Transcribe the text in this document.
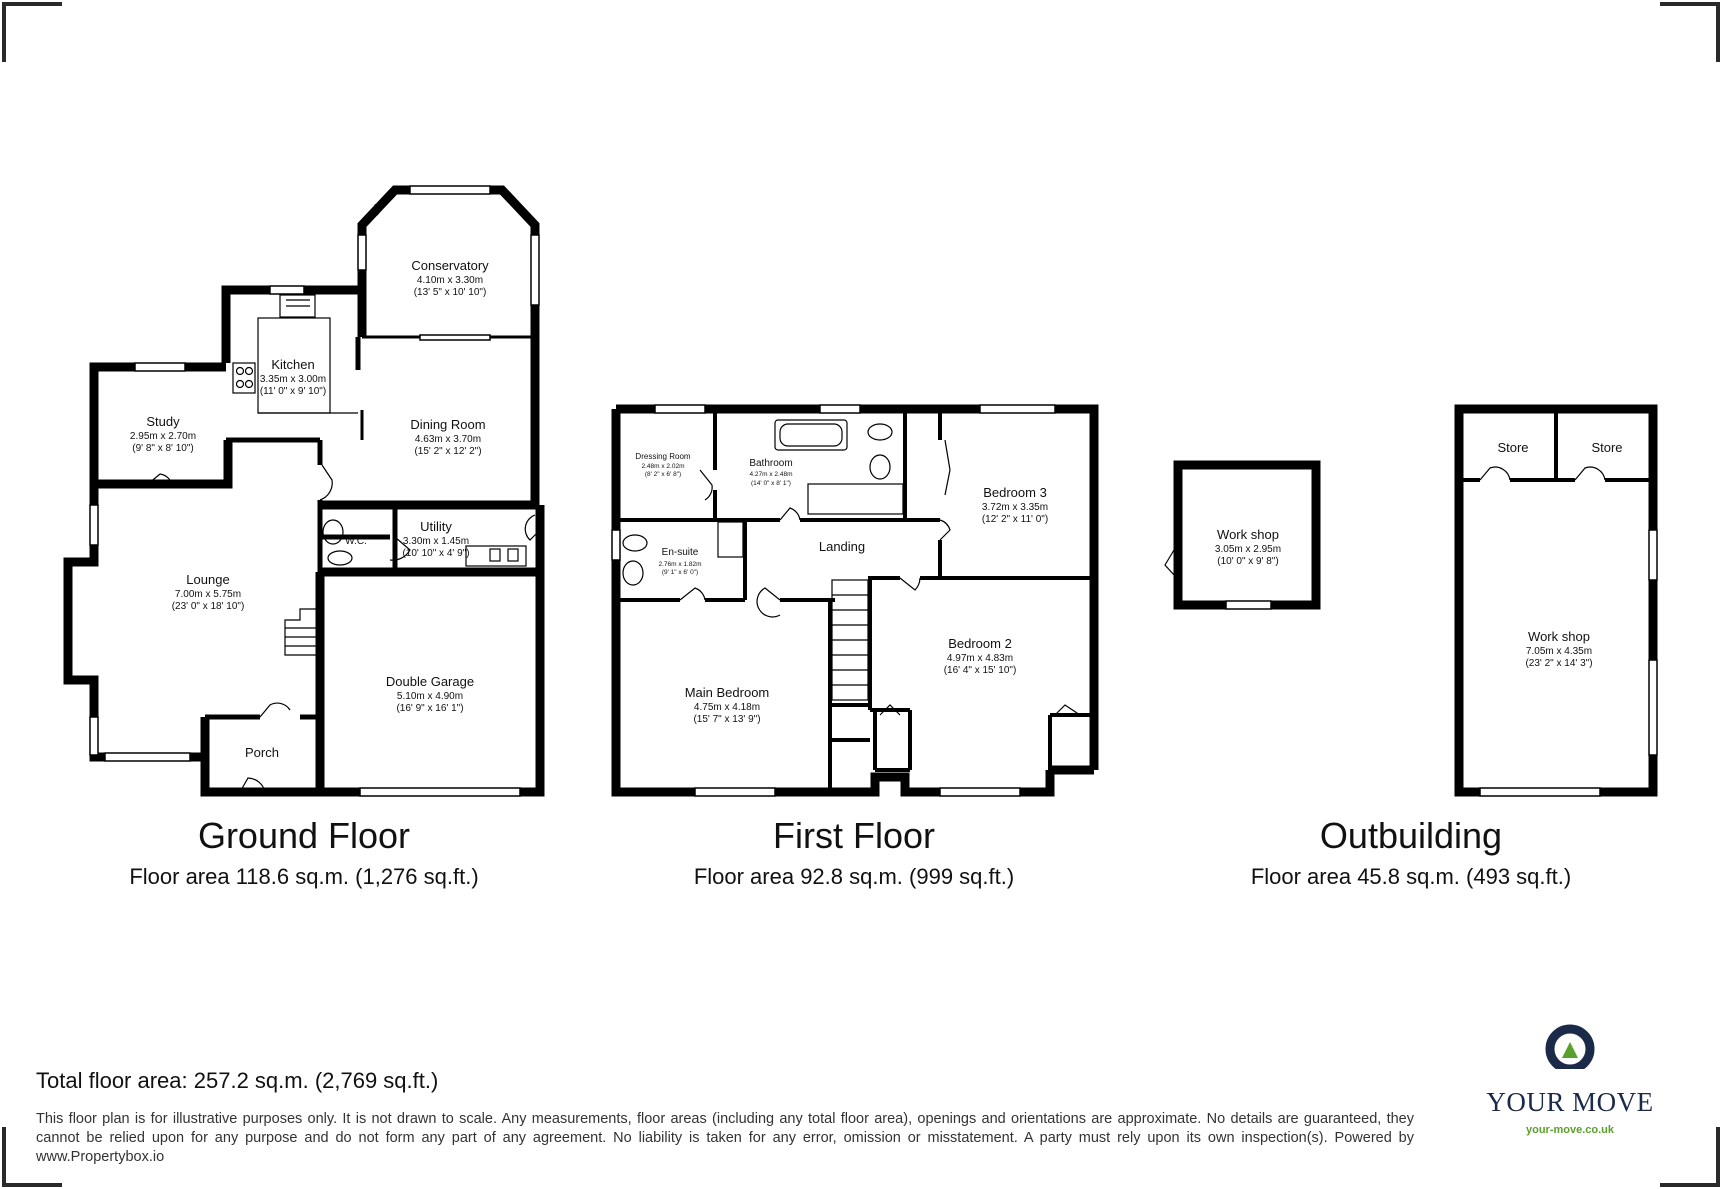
Conservatory
4.10m x 3.30m
(13' 5" x 10' 10")
Kitchen
3.35m x 3.00m
(11' 0" x 9' 10")
Study
2.95m x 2.70m
(9' 8" x 8' 10")
Dining Room
4.63m x 3.70m
(15' 2" x 12' 2")
W.C.
Utility
3.30m x 1.45m
(10' 10" x 4' 9")
Lounge
7.00m x 5.75m
(23' 0" x 18' 10")
Double Garage
5.10m x 4.90m
(16' 9" x 16' 1")
Porch
Dressing Room
2.48m x 2.02m
(8' 2" x 6' 8")
Bathroom
4.27m x 2.48m
(14' 0" x 8' 1")
Bedroom 3
3.72m x 3.35m
(12' 2" x 11' 0")
En-suite
2.76m x 1.82m
(9' 1" x 6' 0")
Landing
Main Bedroom
4.75m x 4.18m
(15' 7" x 13' 9")
Bedroom 2
4.97m x 4.83m
(16' 4" x 15' 10")
Work shop
3.05m x 2.95m
(10' 0" x 9' 8")
Store	Store
Work shop
7.05m x 4.35m
(23' 2" x 14' 3")
Ground Floor
Floor area 118.6 sq.m. (1,276 sq.ft.)
First Floor
Floor area 92.8 sq.m. (999 sq.ft.)
Outbuilding
Floor area 45.8 sq.m. (493 sq.ft.)
Total floor area: 257.2 sq.m. (2,769 sq.ft.)
This floor plan is for illustrative purposes only. It is not drawn to scale. Any measurements, floor areas (including any total floor area), openings and orientations are approximate. No details are guaranteed, they cannot be relied upon for any purpose and do not form any part of any agreement. No liability is taken for any error, omission or misstatement. A party must rely upon its own inspection(s). Powered by www.Propertybox.io
YOUR MOVE
your-move.co.uk
